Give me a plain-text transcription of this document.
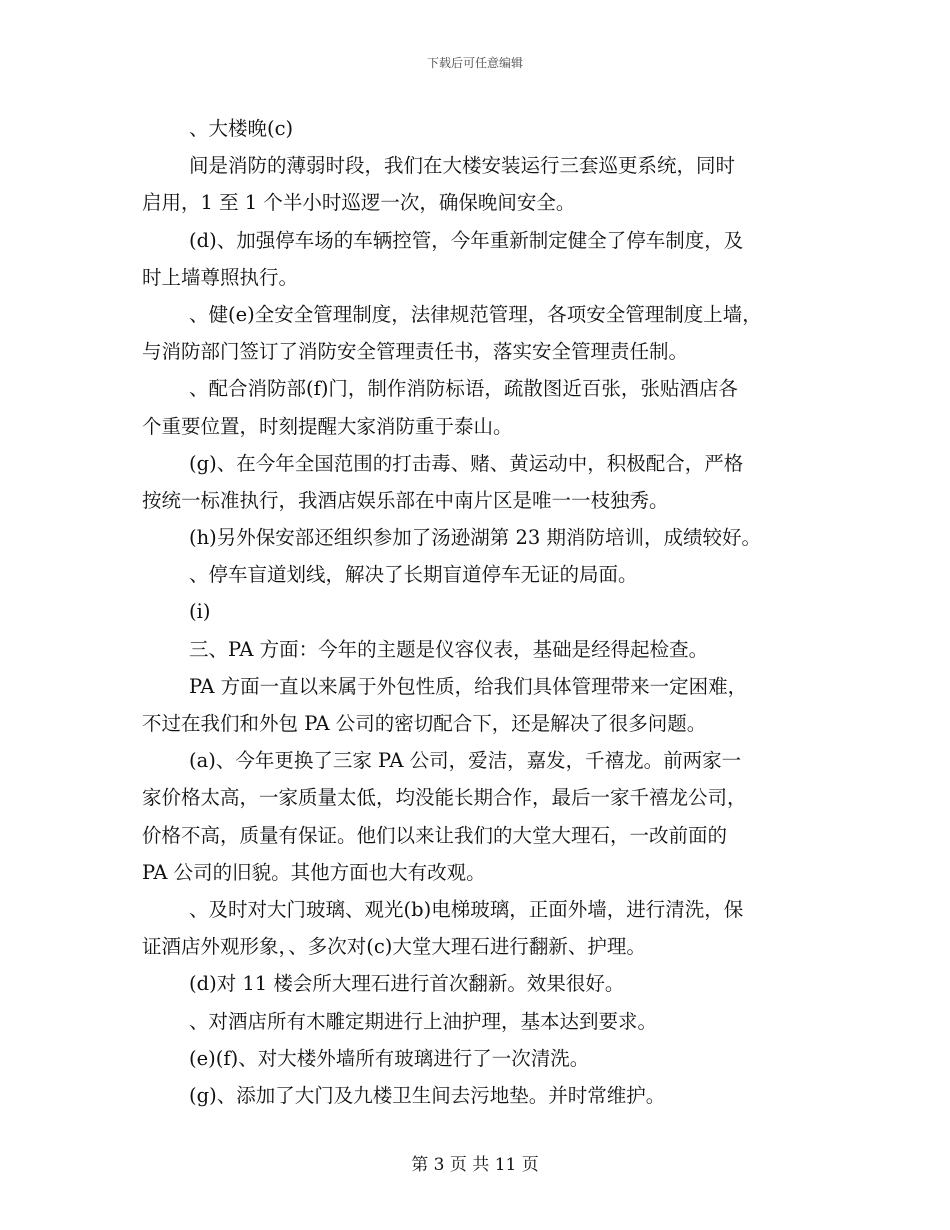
下载后可任意编辑
、大楼晚(c)
间是消防的薄弱时段，我们在大楼安装运行三套巡更系统，同时
启用，1 至 1 个半小时巡逻一次，确保晚间安全。
(d)、加强停车场的车辆控管，今年重新制定健全了停车制度，及
时上墙尊照执行。
、健(e)全安全管理制度，法律规范管理，各项安全管理制度上墙，
与消防部门签订了消防安全管理责任书，落实安全管理责任制。
、配合消防部(f)门，制作消防标语，疏散图近百张，张贴酒店各
个重要位置，时刻提醒大家消防重于泰山。
(g)、在今年全国范围的打击毒、赌、黄运动中，积极配合，严格
按统一标准执行，我酒店娱乐部在中南片区是唯一一枝独秀。
(h)另外保安部还组织参加了汤逊湖第 23 期消防培训，成绩较好。
、停车盲道划线，解决了长期盲道停车无证的局面。
(i)
三、PA 方面：今年的主题是仪容仪表，基础是经得起检查。
PA 方面一直以来属于外包性质，给我们具体管理带来一定困难，
不过在我们和外包 PA 公司的密切配合下，还是解决了很多问题。
(a)、今年更换了三家 PA 公司，爱洁，嘉发，千禧龙。前两家一
家价格太高，一家质量太低，均没能长期合作，最后一家千禧龙公司，
价格不高，质量有保证。他们以来让我们的大堂大理石，一改前面的
PA 公司的旧貌。其他方面也大有改观。
、及时对大门玻璃、观光(b)电梯玻璃，正面外墙，进行清洗，保
证酒店外观形象，、多次对(c)大堂大理石进行翻新、护理。
(d)对 11 楼会所大理石进行首次翻新。效果很好。
、对酒店所有木雕定期进行上油护理，基本达到要求。
(e)(f)、对大楼外墙所有玻璃进行了一次清洗。
(g)、添加了大门及九楼卫生间去污地垫。并时常维护。
第 3 页 共 11 页
